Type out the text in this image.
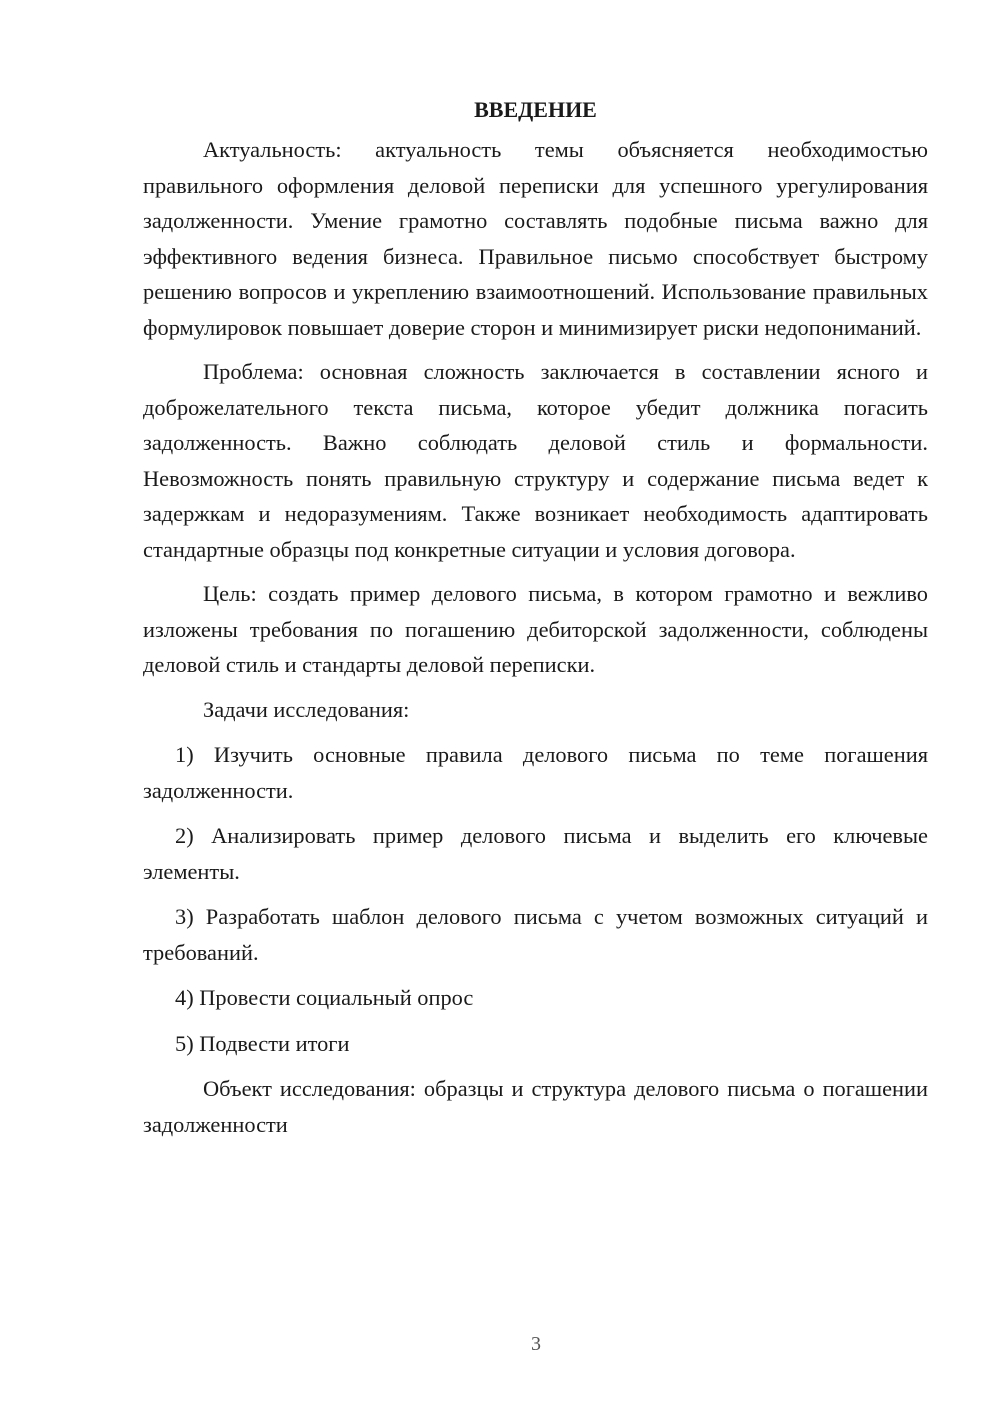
ВВЕДЕНИЕ

Актуальность: актуальность темы объясняется необходимостью правильного оформления деловой переписки для успешного урегулирования задолженности. Умение грамотно составлять подобные письма важно для эффективного ведения бизнеса. Правильное письмо способствует быстрому решению вопросов и укреплению взаимоотношений. Использование правильных формулировок повышает доверие сторон и минимизирует риски недопониманий.

Проблема: основная сложность заключается в составлении ясного и доброжелательного текста письма, которое убедит должника погасить задолженность. Важно соблюдать деловой стиль и формальности. Невозможность понять правильную структуру и содержание письма ведет к задержкам и недоразумениям. Также возникает необходимость адаптировать стандартные образцы под конкретные ситуации и условия договора.

Цель: создать пример делового письма, в котором грамотно и вежливо изложены требования по погашению дебиторской задолженности, соблюдены деловой стиль и стандарты деловой переписки.

Задачи исследования:

1) Изучить основные правила делового письма по теме погашения задолженности.

2) Анализировать пример делового письма и выделить его ключевые элементы.

3) Разработать шаблон делового письма с учетом возможных ситуаций и требований.

4) Провести социальный опрос

5) Подвести итоги

Объект исследования: образцы и структура делового письма о погашении задолженности

3
